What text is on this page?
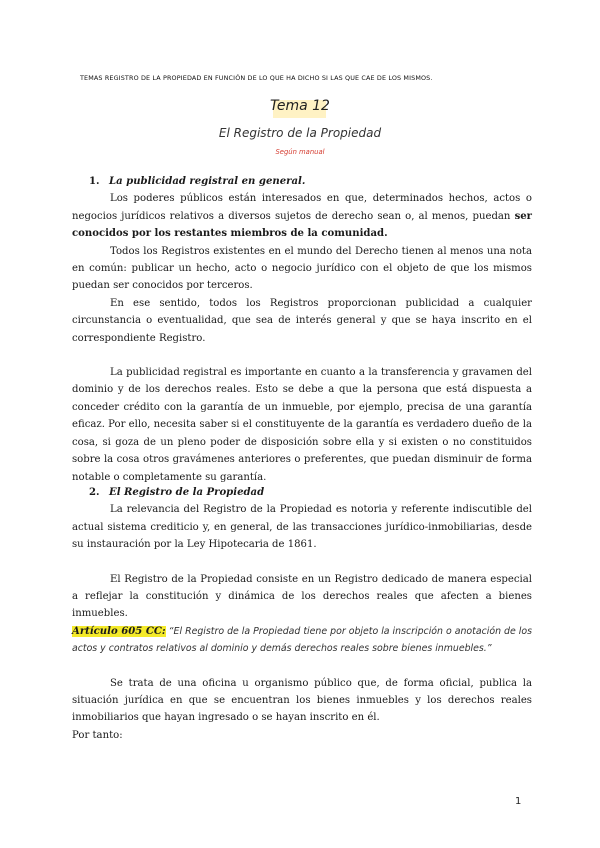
TEMAS REGISTRO DE LA PROPIEDAD EN FUNCIÓN DE LO QUE HA DICHO SI LAS QUE CAE DE LOS MISMOS.
Tema 12
El Registro de la Propiedad
Según manual
1. La publicidad registral en general.

Los poderes públicos están interesados en que, determinados hechos, actos o negocios jurídicos relativos a diversos sujetos de derecho sean o, al menos, puedan ser conocidos por los restantes miembros de la comunidad.

Todos los Registros existentes en el mundo del Derecho tienen al menos una nota en común: publicar un hecho, acto o negocio jurídico con el objeto de que los mismos puedan ser conocidos por terceros.

En ese sentido, todos los Registros proporcionan publicidad a cualquier circunstancia o eventualidad, que sea de interés general y que se haya inscrito en el correspondiente Registro.

La publicidad registral es importante en cuanto a la transferencia y gravamen del dominio y de los derechos reales. Esto se debe a que la persona que está dispuesta a conceder crédito con la garantía de un inmueble, por ejemplo, precisa de una garantía eficaz. Por ello, necesita saber si el constituyente de la garantía es verdadero dueño de la cosa, si goza de un pleno poder de disposición sobre ella y si existen o no constituidos sobre la cosa otros gravámenes anteriores o preferentes, que puedan disminuir de forma notable o completamente su garantía.

2. El Registro de la Propiedad

La relevancia del Registro de la Propiedad es notoria y referente indiscutible del actual sistema crediticio y, en general, de las transacciones jurídico-inmobiliarias, desde su instauración por la Ley Hipotecaria de 1861.

El Registro de la Propiedad consiste en un Registro dedicado de manera especial a reflejar la constitución y dinámica de los derechos reales que afecten a bienes inmuebles.

Artículo 605 CC: “El Registro de la Propiedad tiene por objeto la inscripción o anotación de los actos y contratos relativos al dominio y demás derechos reales sobre bienes inmuebles.”

Se trata de una oficina u organismo público que, de forma oficial, publica la situación jurídica en que se encuentran los bienes inmuebles y los derechos reales inmobiliarios que hayan ingresado o se hayan inscrito en él.

Por tanto:

1
